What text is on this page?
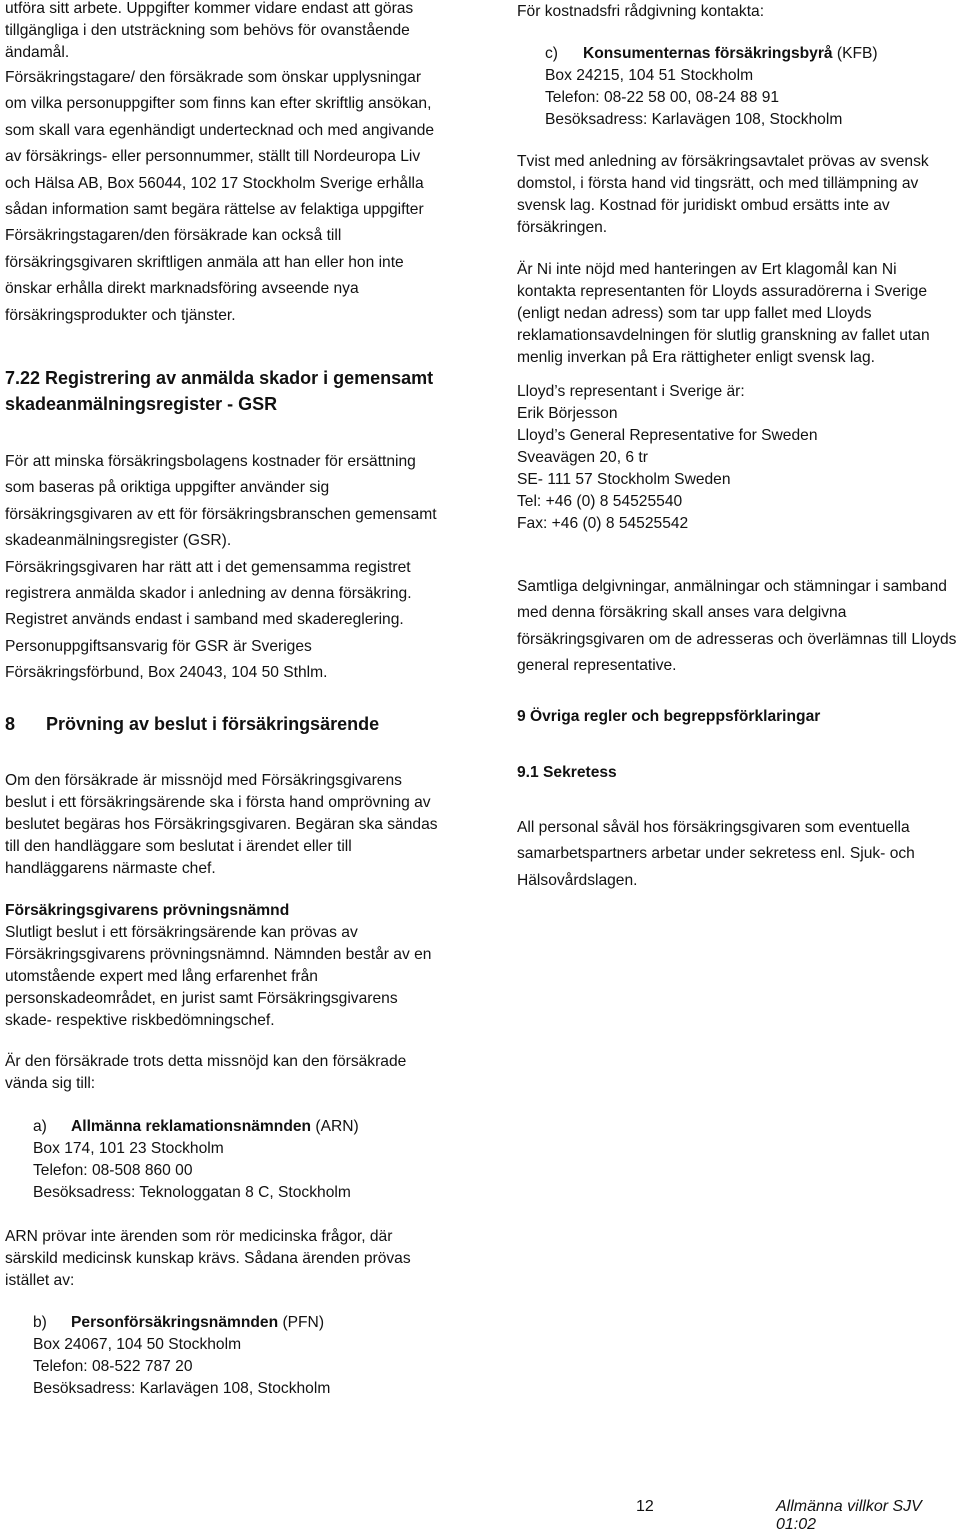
utföra sitt arbete. Uppgifter kommer vidare endast att göras
tillgängliga i den utsträckning som behövs för ovanstående
ändamål.

Försäkringstagare/ den försäkrade som önskar upplysningar
om vilka personuppgifter som finns kan efter skriftlig ansökan,
som skall vara egenhändigt undertecknad och med angivande
av försäkrings- eller personnummer, ställt till Nordeuropa Liv
och Hälsa AB, Box 56044, 102 17 Stockholm Sverige erhålla
sådan information samt begära rättelse av felaktiga uppgifter
Försäkringstagaren/den försäkrade kan också till
försäkringsgivaren skriftligen anmäla att han eller hon inte
önskar erhålla direkt marknadsföring avseende nya
försäkringsprodukter och tjänster.

7.22 Registrering av anmälda skador i gemensamt
skadeanmälningsregister - GSR

För att minska försäkringsbolagens kostnader för ersättning
som baseras på oriktiga uppgifter använder sig
försäkringsgivaren av ett för försäkringsbranschen gemensamt
skadeanmälningsregister (GSR).
Försäkringsgivaren har rätt att i det gemensamma registret
registrera anmälda skador i anledning av denna försäkring.
Registret används endast i samband med skadereglering.
Personuppgiftsansvarig för GSR är Sveriges
Försäkringsförbund, Box 24043, 104 50 Sthlm.

8 Prövning av beslut i försäkringsärende

Om den försäkrade är missnöjd med Försäkringsgivarens
beslut i ett försäkringsärende ska i första hand omprövning av
beslutet begäras hos Försäkringsgivaren. Begäran ska sändas
till den handläggare som beslutat i ärendet eller till
handläggarens närmaste chef.

Försäkringsgivarens prövningsnämnd

Slutligt beslut i ett försäkringsärende kan prövas av
Försäkringsgivarens prövningsnämnd. Nämnden består av en
utomstående expert med lång erfarenhet från
personskadeområdet, en jurist samt Försäkringsgivarens
skade- respektive riskbedömningschef.

Är den försäkrade trots detta missnöjd kan den försäkrade
vända sig till:

a) Allmänna reklamationsnämnden (ARN)
Box 174, 101 23 Stockholm
Telefon: 08-508 860 00
Besöksadress: Teknologgatan 8 C, Stockholm

ARN prövar inte ärenden som rör medicinska frågor, där
särskild medicinsk kunskap krävs. Sådana ärenden prövas
istället av:

b) Personförsäkringsnämnden (PFN)
Box 24067, 104 50 Stockholm
Telefon: 08-522 787 20
Besöksadress: Karlavägen 108, Stockholm

För kostnadsfri rådgivning kontakta:

c) Konsumenternas försäkringsbyrå (KFB)
Box 24215, 104 51 Stockholm
Telefon: 08-22 58 00, 08-24 88 91
Besöksadress: Karlavägen 108, Stockholm

Tvist med anledning av försäkringsavtalet prövas av svensk
domstol, i första hand vid tingsrätt, och med tillämpning av
svensk lag. Kostnad för juridiskt ombud ersätts inte av
försäkringen.

Är Ni inte nöjd med hanteringen av Ert klagomål kan Ni
kontakta representanten för Lloyds assuradörerna i Sverige
(enligt nedan adress) som tar upp fallet med Lloyds
reklamationsavdelningen för slutlig granskning av fallet utan
menlig inverkan på Era rättigheter enligt svensk lag.

Lloyd’s representant i Sverige är:
Erik Börjesson
Lloyd’s General Representative for Sweden
Sveavägen 20, 6 tr
SE- 111 57 Stockholm Sweden
Tel: +46 (0) 8 54525540
Fax: +46 (0) 8 54525542

Samtliga delgivningar, anmälningar och stämningar i samband
med denna försäkring skall anses vara delgivna
försäkringsgivaren om de adresseras och överlämnas till Lloyds
general representative.

9 Övriga regler och begreppsförklaringar
9.1 Sekretess

All personal såväl hos försäkringsgivaren som eventuella
samarbetspartners arbetar under sekretess enl. Sjuk- och
Hälsovårdslagen.

12	Allmänna villkor SJV 01:02
